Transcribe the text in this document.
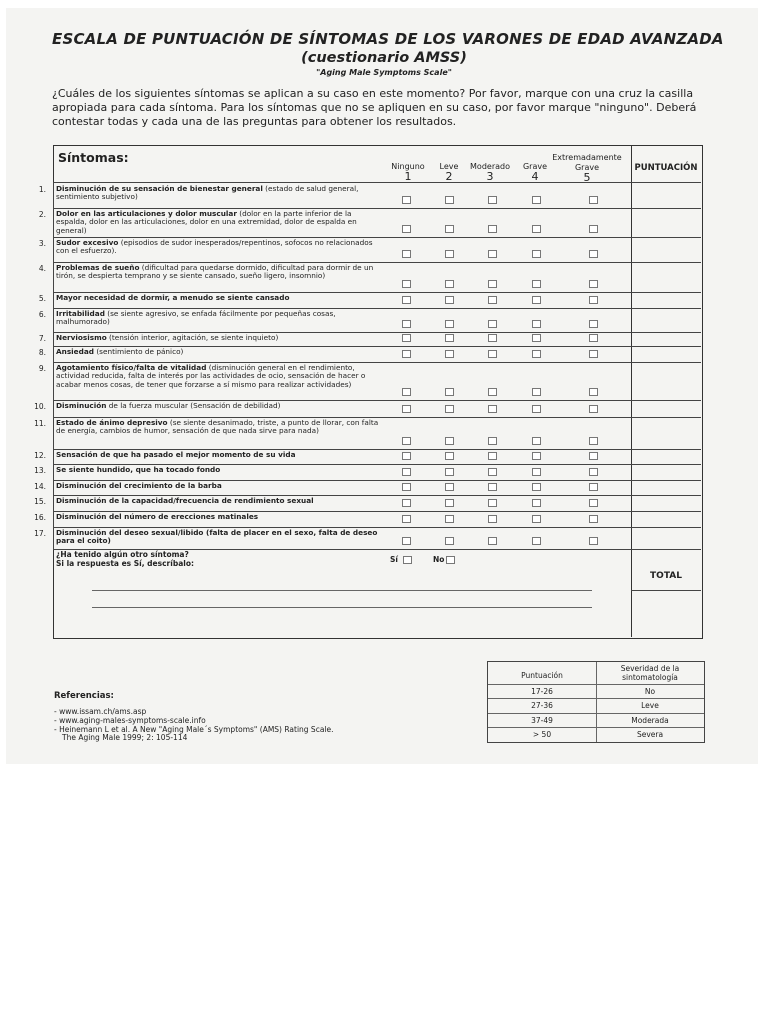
ESCALA DE PUNTUACIÓN DE SÍNTOMAS DE LOS VARONES DE EDAD AVANZADA
(cuestionario AMSS)
"Aging Male Symptoms Scale"
¿Cuáles de los siguientes síntomas se aplican a su caso en este momento? Por favor, marque con una cruz la casilla apropiada para cada síntoma. Para los síntomas que no se apliquen en su caso, por favor marque "ninguno". Deberá contestar todas y cada una de las preguntas para obtener los resultados.
Síntomas:
PUNTUACIÓN
Ninguno
1
Leve
2
Moderado
3
Grave
4
Extremadamente Grave
5
1. Disminución de su sensación de bienestar general (estado de salud general, sentimiento subjetivo)
2. Dolor en las articulaciones y dolor muscular (dolor en la parte inferior de la espalda, dolor en las articulaciones, dolor en una extremidad, dolor de espalda en general)
3. Sudor excesivo (episodios de sudor inesperados/repentinos, sofocos no relacionados con el esfuerzo).
4. Problemas de sueño (dificultad para quedarse dormido, dificultad para dormir de un tirón, se despierta temprano y se siente cansado, sueño ligero, insomnio)
5. Mayor necesidad de dormir, a menudo se siente cansado
6. Irritabilidad (se siente agresivo, se enfada fácilmente por pequeñas cosas, malhumorado)
7. Nerviosismo (tensión interior, agitación, se siente inquieto)
8. Ansiedad (sentimiento de pánico)
9. Agotamiento físico/falta de vitalidad (disminución general en el rendimiento, actividad reducida, falta de interés por las actividades de ocio, sensación de hacer o acabar menos cosas, de tener que forzarse a sí mismo para realizar actividades)
10. Disminución de la fuerza muscular (Sensación de debilidad)
11. Estado de ánimo depresivo (se siente desanimado, triste, a punto de llorar, con falta de energía, cambios de humor, sensación de que nada sirve para nada)
12. Sensación de que ha pasado el mejor momento de su vida
13. Se siente hundido, que ha tocado fondo
14. Disminución del crecimiento de la barba
15. Disminución de la capacidad/frecuencia de rendimiento sexual
16. Disminución del número de erecciones matinales
17. Disminución del deseo sexual/libido (falta de placer en el sexo, falta de deseo para el coito)
¿Ha tenido algún otro síntoma?
Si la respuesta es Sí, descríbalo:	Sí	No
TOTAL
Referencias:
- www.issam.ch/ams.asp
- www.aging-males-symptoms-scale.info
- Heinemann L et al. A New "Aging Male´s Symptoms" (AMS) Rating Scale.
The Aging Male 1999; 2: 105-114
Puntuación
Severidad de la sintomatología
17-26	No
27-36	Leve
37-49	Moderada
> 50	Severa
